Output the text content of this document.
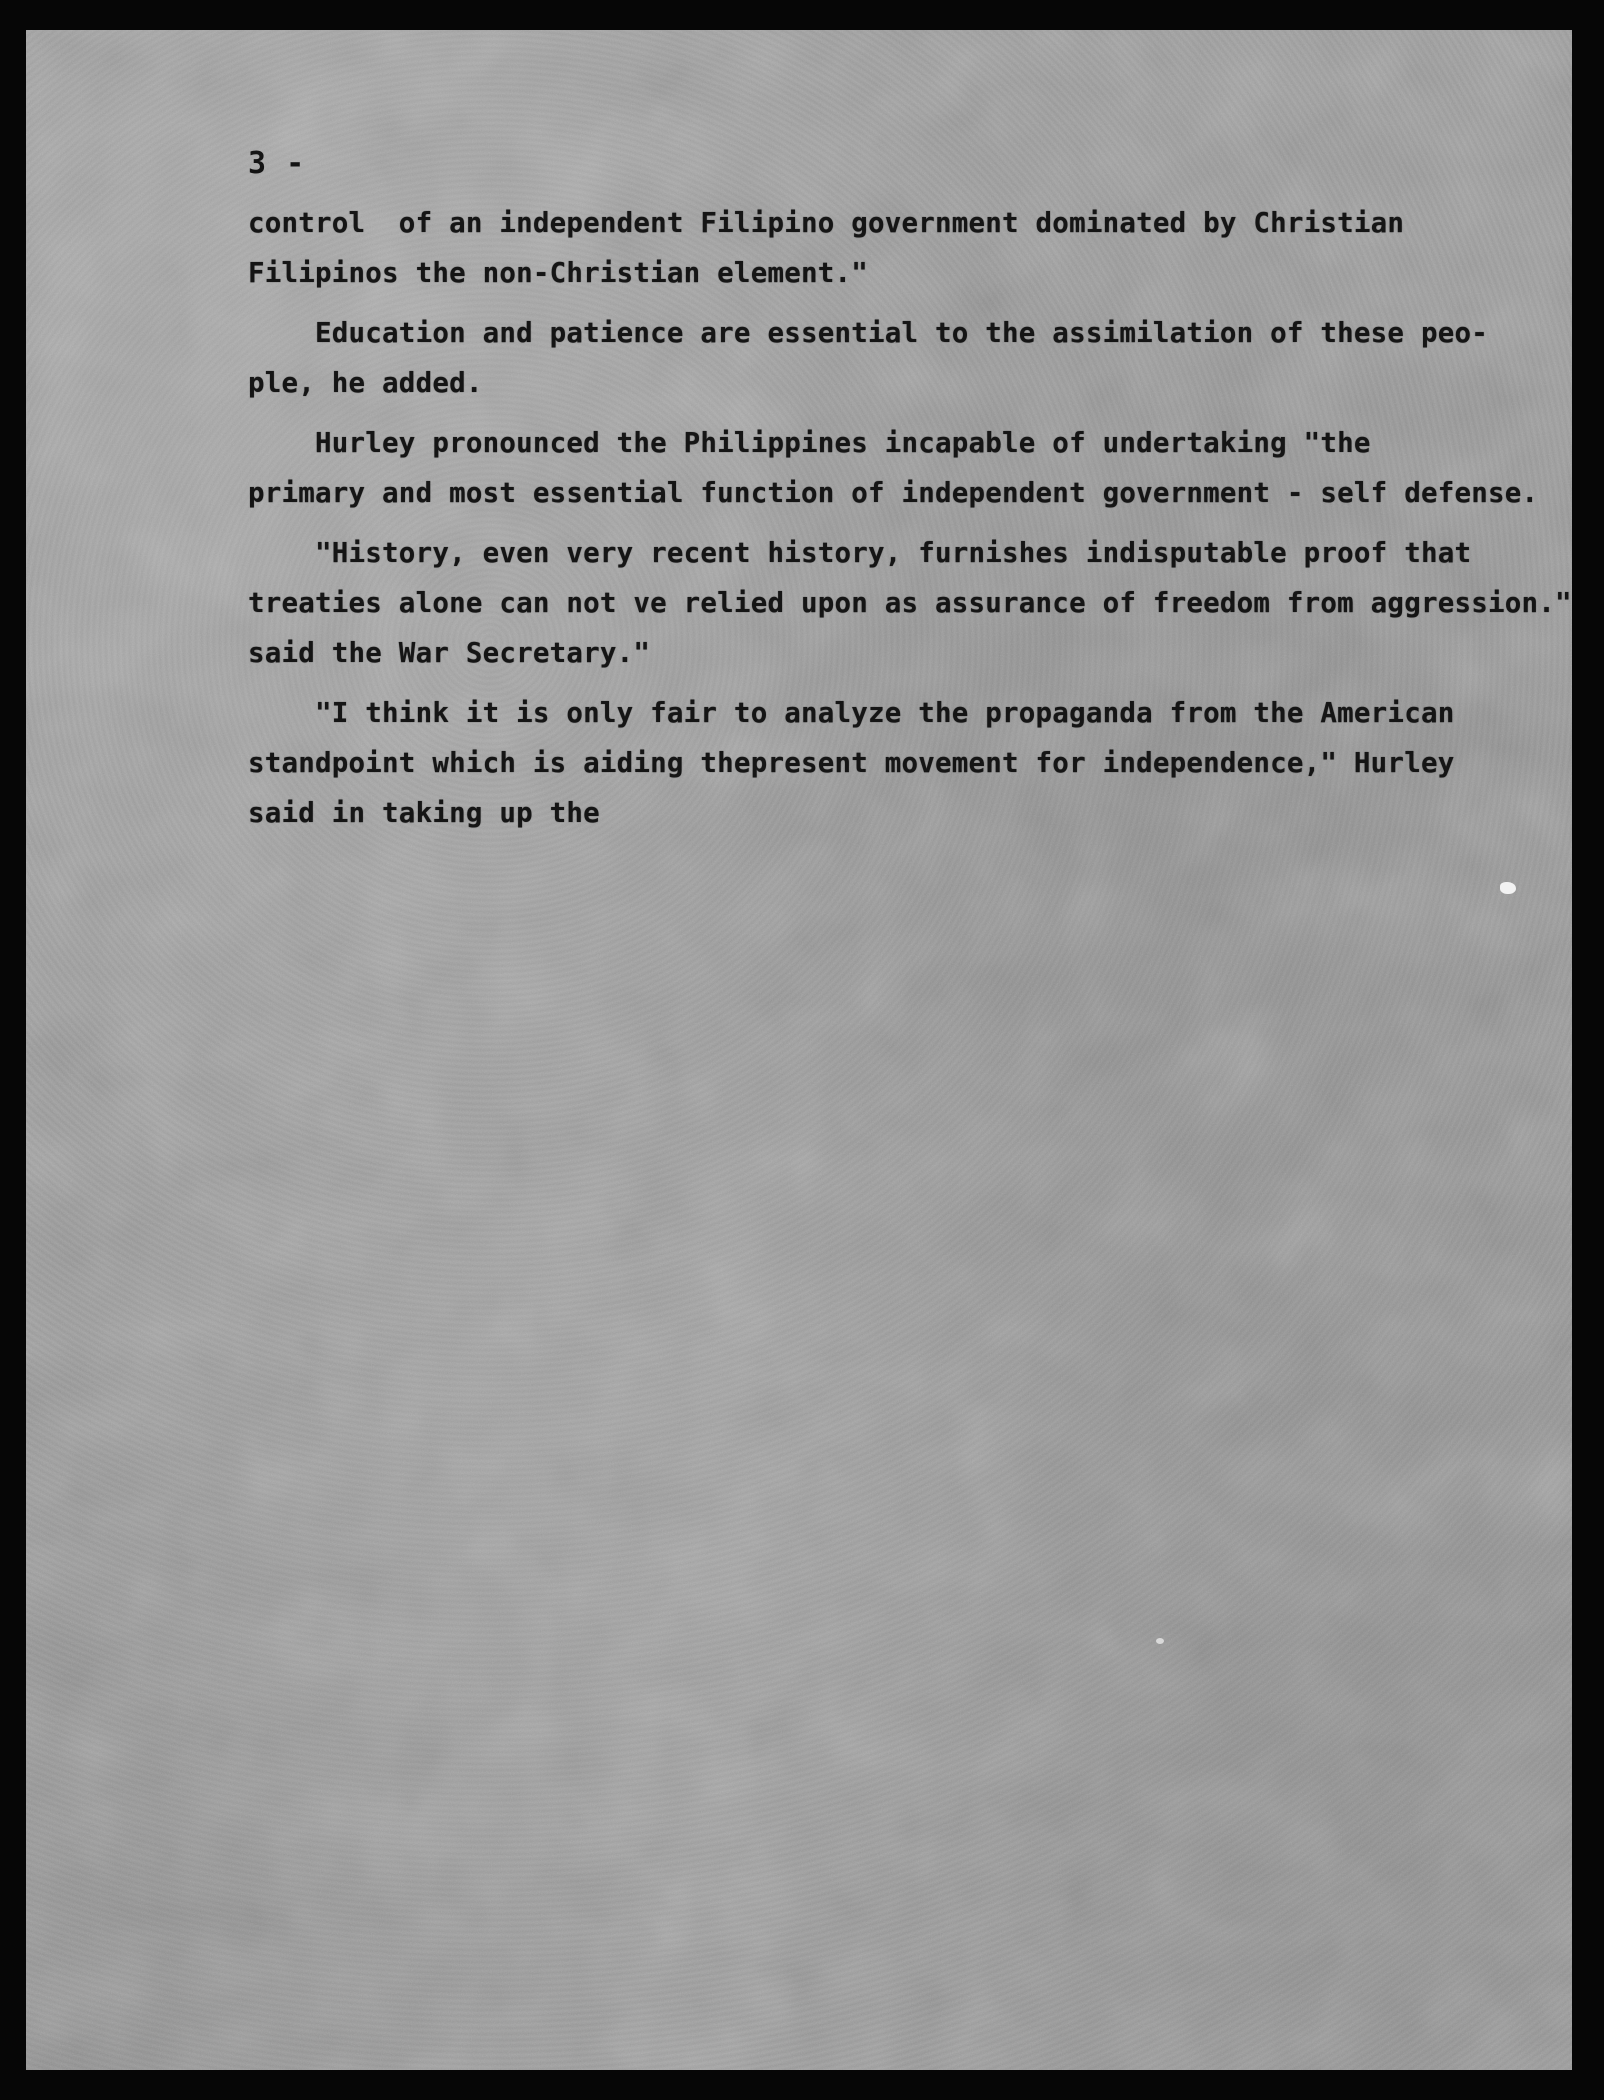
3 -
control  of an independent Filipino government dominated by Christian
Filipinos the non-Christian element."
Education and patience are essential to the assimilation of these peo-
ple, he added.
Hurley pronounced the Philippines incapable of undertaking "the
primary and most essential function of independent government - self defense.
"History, even very recent history, furnishes indisputable proof that
treaties alone can not ve relied upon as assurance of freedom from aggression."
said the War Secretary."
"I think it is only fair to analyze the propaganda from the American
standpoint which is aiding thepresent movement for independence," Hurley
said in taking up the
